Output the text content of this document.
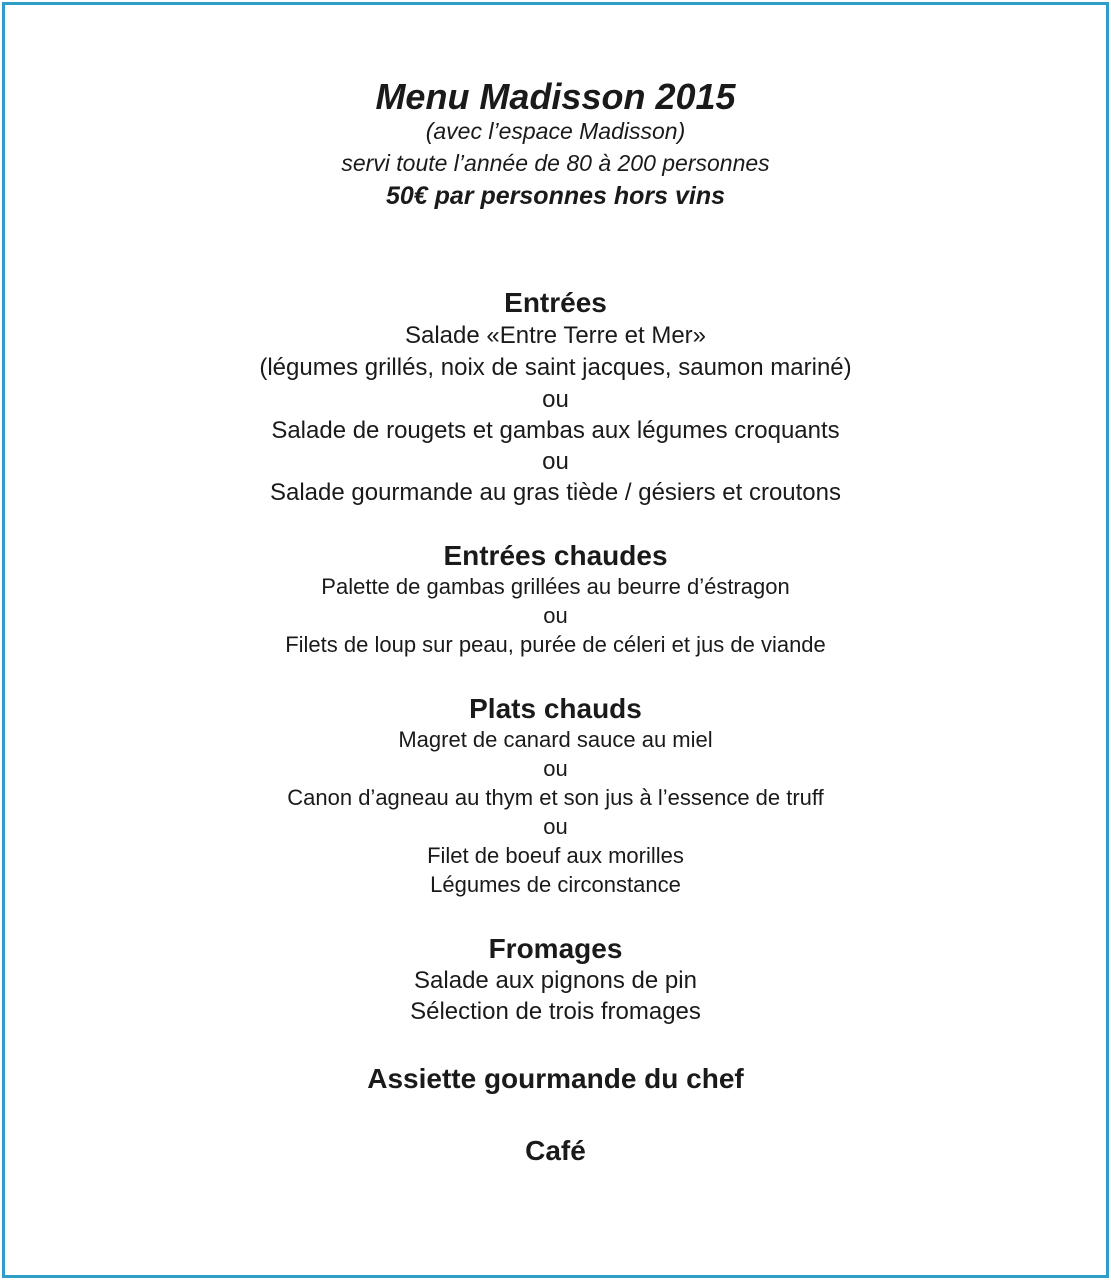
Menu Madisson 2015
(avec l’espace Madisson)
servi toute l’année de 80 à 200 personnes
50€ par personnes hors vins
Entrées
Salade «Entre Terre et Mer»
(légumes grillés, noix de saint jacques, saumon mariné)
ou
Salade de rougets et gambas aux légumes croquants
ou
Salade gourmande au gras tiède / gésiers et croutons
Entrées chaudes
Palette de gambas grillées au beurre d’éstragon
ou
Filets de loup sur peau, purée de céleri et jus de viande
Plats chauds
Magret de canard sauce au miel
ou
Canon d’agneau au thym et son jus à l’essence de truff
ou
Filet de boeuf aux morilles
Légumes de circonstance
Fromages
Salade aux pignons de pin
Sélection de trois fromages
Assiette gourmande du chef
Café
